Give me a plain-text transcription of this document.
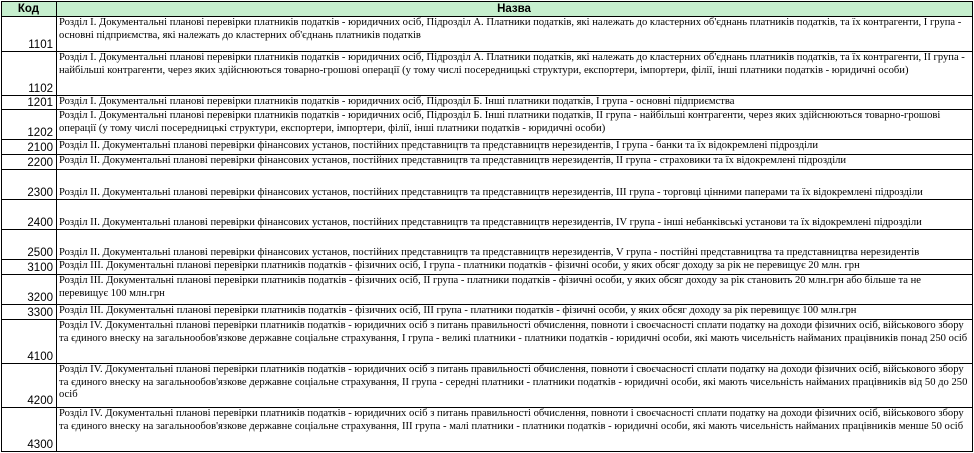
Код	Назва
1101	Розділ І. Документальні планові перевірки платників податків - юридичних осіб, Підрозділ А. Платники податків, які належать до кластерних об'єднань платників податків, та їх контрагенти, І група - основні підприємства, які належать до кластерних об'єднань платників податків
1102	Розділ І. Документальні планові перевірки платників податків - юридичних осіб, Підрозділ А. Платники податків, які належать до кластерних об'єднань платників податків, та їх контрагенти, ІІ група - найбільші контрагенти, через яких здійснюються товарно-грошові операції (у тому числі посередницькі структури, експортери, імпортери, філії, інші платники податків - юридичні особи)
1201	Розділ І. Документальні планові перевірки платників податків - юридичних осіб, Підрозділ Б. Інші платники податків, І група - основні підприємства
1202	Розділ І. Документальні планові перевірки платників податків - юридичних осіб, Підрозділ Б. Інші платники податків, ІІ група - найбільші контрагенти, через яких здійснюються товарно-грошові операції (у тому числі посередницькі структури, експортери, імпортери, філії, інші платники податків - юридичні особи)
2100	Розділ ІІ. Документальні планові перевірки фінансових установ, постійних представництв та представництв нерезидентів, І група - банки та їх відокремлені підрозділи
2200	Розділ ІІ. Документальні планові перевірки фінансових установ, постійних представництв та представництв нерезидентів, ІІ група - страховики та їх відокремлені підрозділи
2300	Розділ ІІ. Документальні планові перевірки фінансових установ, постійних представництв та представництв нерезидентів, ІІІ група - торговці цінними паперами та їх відокремлені підрозділи
2400	Розділ ІІ. Документальні планові перевірки фінансових установ, постійних представництв та представництв нерезидентів, IV група - інші небанківські установи та їх відокремлені підрозділи
2500	Розділ ІІ. Документальні планові перевірки фінансових установ, постійних представництв та представництв нерезидентів, V група - постійні представництва та представництва нерезидентів
3100	Розділ ІІІ. Документальні планові перевірки платників податків - фізичних осіб, І група - платники податків - фізичні особи, у яких обсяг доходу за рік не перевищує 20 млн. грн
3200	Розділ ІІІ. Документальні планові перевірки платників податків - фізичних осіб, ІІ група - платники податків - фізичні особи, у яких обсяг доходу за рік становить 20 млн.грн або більше та не перевищує 100 млн.грн
3300	Розділ ІІІ. Документальні планові перевірки платників податків - фізичних осіб, ІІІ група - платники податків - фізичні особи, у яких обсяг доходу за рік перевищує 100 млн.грн
4100	Розділ IV. Документальні планові перевірки платників податків - юридичних осіб з питань правильності обчислення, повноти і своєчасності сплати податку на доходи фізичних осіб, військового збору та єдиного внеску на загальнообов'язкове державне соціальне страхування, І група - великі платники - платники податків - юридичні особи, які мають чисельність найманих працівників понад 250 осіб
4200	Розділ IV. Документальні планові перевірки платників податків - юридичних осіб з питань правильності обчислення, повноти і своєчасності сплати податку на доходи фізичних осіб, військового збору та єдиного внеску на загальнообов'язкове державне соціальне страхування, ІІ група - середні платники - платники податків - юридичні особи, які мають чисельність найманих працівників від 50 до 250 осіб
4300	Розділ IV. Документальні планові перевірки платників податків - юридичних осіб з питань правильності обчислення, повноти і своєчасності сплати податку на доходи фізичних осіб, військового збору та єдиного внеску на загальнообов'язкове державне соціальне страхування, ІІІ група - малі платники - платники податків - юридичні особи, які мають чисельність найманих працівників менше 50 осіб
